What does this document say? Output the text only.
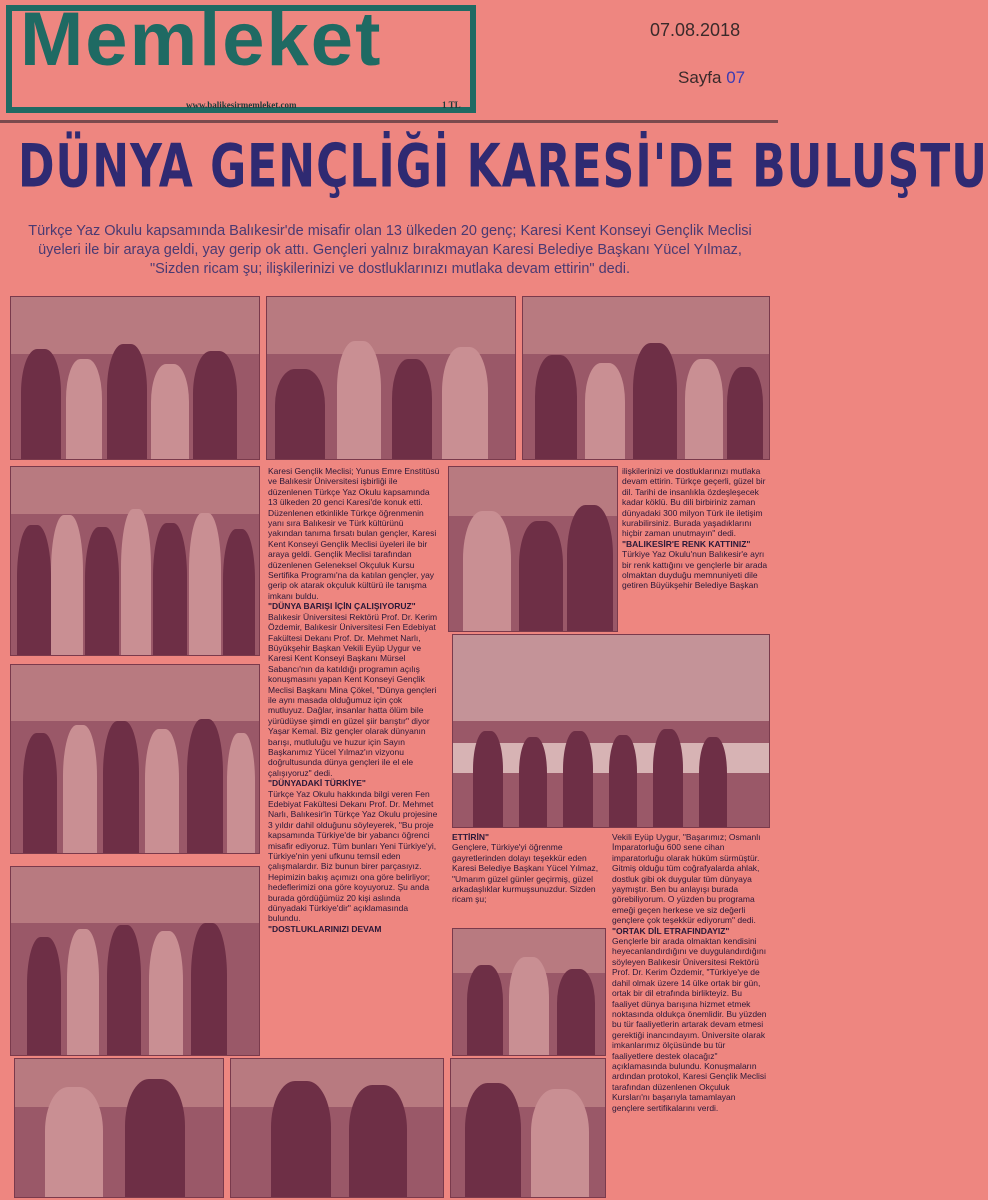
Memleket
www.balikesirmemleket.com	1 TL
07.08.2018
Sayfa 07
DÜNYA GENÇLİĞİ KARESİ'DE BULUŞTU
Türkçe Yaz Okulu kapsamında Balıkesir'de misafir olan 13 ülkeden 20 genç; Karesi Kent Konseyi Gençlik Meclisi üyeleri ile bir araya geldi, yay gerip ok attı. Gençleri yalnız bırakmayan Karesi Belediye Başkanı Yücel Yılmaz, "Sizden ricam şu; ilişkilerinizi ve dostluklarınızı mutlaka devam ettirin" dedi.

Karesi Gençlik Meclisi; Yunus Emre Enstitüsü ve Balıkesir Üniversitesi işbirliği ile düzenlenen Türkçe Yaz Okulu kapsamında 13 ülkeden 20 genci Karesi'de konuk etti. Düzenlenen etkinlikle Türkçe öğrenmenin yanı sıra Balıkesir ve Türk kültürünü yakından tanıma fırsatı bulan gençler, Karesi Kent Konseyi Gençlik Meclisi üyeleri ile bir araya geldi. Gençlik Meclisi tarafından düzenlenen Geleneksel Okçuluk Kursu Sertifika Programı'na da katılan gençler, yay gerip ok atarak okçuluk kültürü ile tanışma imkanı buldu.

"DÜNYA BARIŞI İÇİN ÇALIŞIYORUZ"

Balıkesir Üniversitesi Rektörü Prof. Dr. Kerim Özdemir, Balıkesir Üniversitesi Fen Edebiyat Fakültesi Dekanı Prof. Dr. Mehmet Narlı, Büyükşehir Başkan Vekili Eyüp Uygur ve Karesi Kent Konseyi Başkanı Mürsel Sabancı'nın da katıldığı programın açılış konuşmasını yapan Kent Konseyi Gençlik Meclisi Başkanı Mina Çökel, "Dünya gençleri ile aynı masada olduğumuz için çok mutluyuz. Dağlar, insanlar hatta ölüm bile yürüdüyse şimdi en güzel şiir barıştır" diyor Yaşar Kemal. Biz gençler olarak dünyanın barışı, mutluluğu ve huzur için Sayın Başkanımız Yücel Yılmaz'ın vizyonu doğrultusunda dünya gençleri ile el ele çalışıyoruz" dedi.

"DÜNYADAKİ TÜRKİYE"

Türkçe Yaz Okulu hakkında bilgi veren Fen Edebiyat Fakültesi Dekanı Prof. Dr. Mehmet Narlı, Balıkesir'in Türkçe Yaz Okulu projesine 3 yıldır dahil olduğunu söyleyerek, "Bu proje kapsamında Türkiye'de bir yabancı öğrenci misafir ediyoruz. Tüm bunları Yeni Türkiye'yi, Türkiye'nin yeni ufkunu temsil eden çalışmalardır. Biz bunun birer parçasıyız. Hepimizin bakış açımızı ona göre belirliyor; hedeflerimizi ona göre koyuyoruz. Şu anda burada gördüğümüz 20 kişi aslında dünyadaki Türkiye'dir" açıklamasında bulundu.

"DOSTLUKLARINIZI DEVAM

ilişkilerinizi ve dostluklarınızı mutlaka devam ettirin. Türkçe geçerli, güzel bir dil. Tarihi de insanlıkla özdeşleşecek kadar köklü. Bu dili birbiriniz zaman dünyadaki 300 milyon Türk ile iletişim kurabilirsiniz. Burada yaşadıklarını hiçbir zaman unutmayın" dedi.

"BALIKESİR'E RENK KATTINIZ"

Türkiye Yaz Okulu'nun Balıkesir'e ayrı bir renk kattığını ve gençlerle bir arada olmaktan duyduğu memnuniyeti dile getiren Büyükşehir Belediye Başkan

ETTİRİN"

Gençlere, Türkiye'yi öğrenme gayretlerinden dolayı teşekkür eden Karesi Belediye Başkanı Yücel Yılmaz, "Umarım güzel günler geçirmiş, güzel arkadaşlıklar kurmuşsunuzdur. Sizden ricam şu;

Vekili Eyüp Uygur, "Başarımız; Osmanlı İmparatorluğu 600 sene cihan imparatorluğu olarak hüküm sürmüştür. Gitmiş olduğu tüm coğrafyalarda ahlak, dostluk gibi ok duygular tüm dünyaya yaymıştır. Ben bu anlayışı burada görebiliyorum. O yüzden bu programa emeği geçen herkese ve siz değerli gençlere çok teşekkür ediyorum" dedi.

"ORTAK DİL ETRAFINDAYIZ"

Gençlerle bir arada olmaktan kendisini heyecanlandırdığını ve duygulandırdığını söyleyen Balıkesir Üniversitesi Rektörü Prof. Dr. Kerim Özdemir, "Türkiye'ye de dahil olmak üzere 14 ülke ortak bir gün, ortak bir dil etrafında birlikteyiz. Bu faaliyet dünya barışına hizmet etmek noktasında oldukça önemlidir. Bu yüzden bu tür faaliyetlerin artarak devam etmesi gerektiği inancındayım. Üniversite olarak imkanlarımız ölçüsünde bu tür faaliyetlere destek olacağız" açıklamasında bulundu. Konuşmaların ardından protokol, Karesi Gençlik Meclisi tarafından düzenlenen Okçuluk Kursları'nı başarıyla tamamlayan gençlere sertifikalarını verdi.
